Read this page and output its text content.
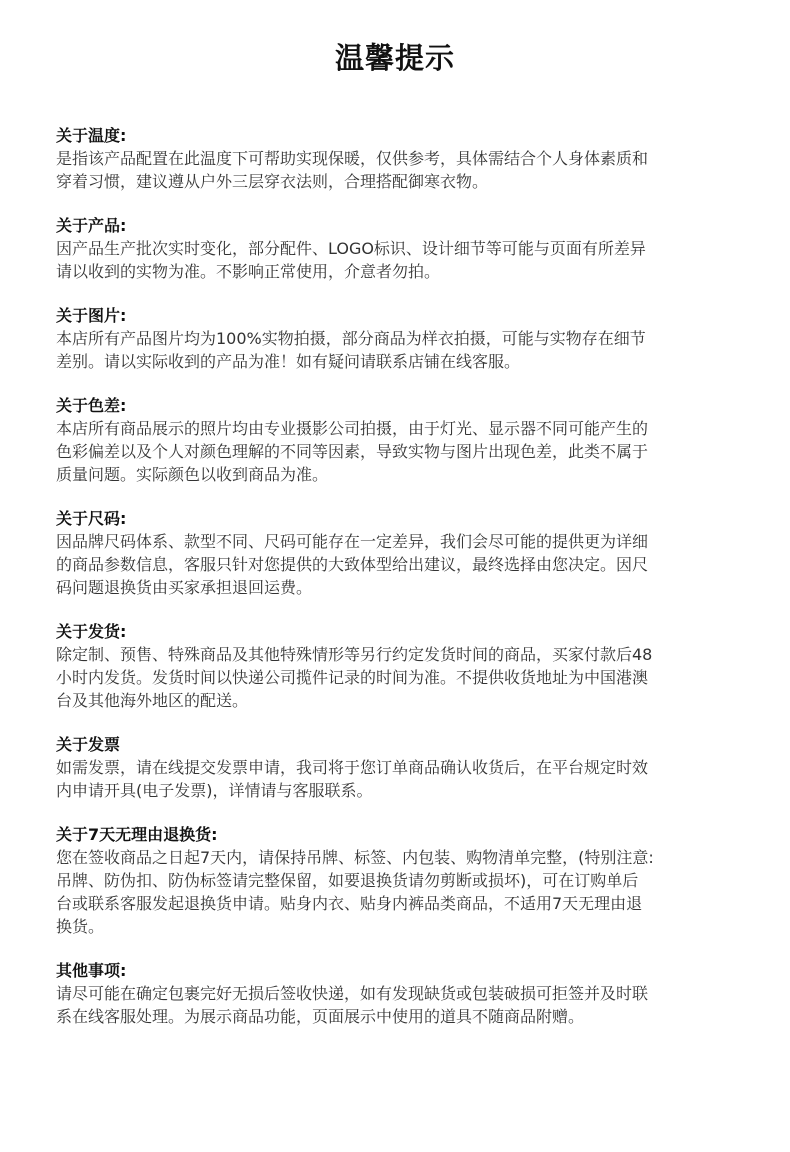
温馨提示
关于温度:
是指该产品配置在此温度下可帮助实现保暖，仅供参考，具体需结合个人身体素质和
穿着习惯，建议遵从户外三层穿衣法则，合理搭配御寒衣物。
关于产品:
因产品生产批次实时变化，部分配件、LOGO标识、设计细节等可能与页面有所差异
请以收到的实物为准。不影响正常使用，介意者勿拍。
关于图片:
本店所有产品图片均为100%实物拍摄，部分商品为样衣拍摄，可能与实物存在细节
差别。请以实际收到的产品为准！如有疑问请联系店铺在线客服。
关于色差:
本店所有商品展示的照片均由专业摄影公司拍摄，由于灯光、显示器不同可能产生的
色彩偏差以及个人对颜色理解的不同等因素，导致实物与图片出现色差，此类不属于
质量问题。实际颜色以收到商品为准。
关于尺码:
因品牌尺码体系、款型不同、尺码可能存在一定差异，我们会尽可能的提供更为详细
的商品参数信息，客服只针对您提供的大致体型给出建议，最终选择由您决定。因尺
码问题退换货由买家承担退回运费。
关于发货:
除定制、预售、特殊商品及其他特殊情形等另行约定发货时间的商品，买家付款后48
小时内发货。发货时间以快递公司揽件记录的时间为准。不提供收货地址为中国港澳
台及其他海外地区的配送。
关于发票
如需发票，请在线提交发票申请，我司将于您订单商品确认收货后，在平台规定时效
内申请开具(电子发票)，详情请与客服联系。
关于7天无理由退换货:
您在签收商品之日起7天内，请保持吊牌、标签、内包装、购物清单完整，(特别注意:
吊牌、防伪扣、防伪标签请完整保留，如要退换货请勿剪断或损坏)，可在订购单后
台或联系客服发起退换货申请。贴身内衣、贴身内裤品类商品，不适用7天无理由退
换货。
其他事项:
请尽可能在确定包裹完好无损后签收快递，如有发现缺货或包装破损可拒签并及时联
系在线客服处理。为展示商品功能，页面展示中使用的道具不随商品附赠。
